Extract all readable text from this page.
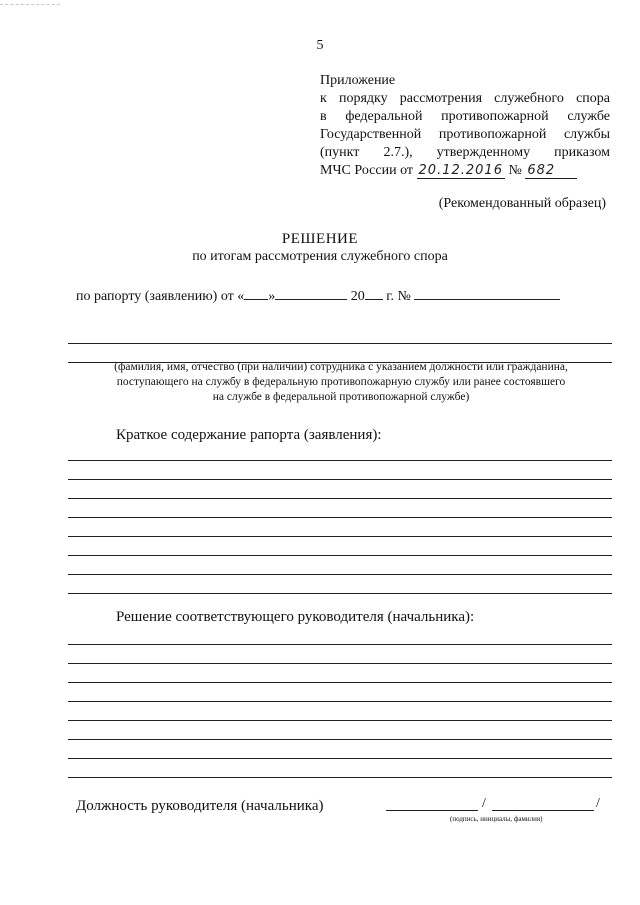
5
Приложение
к порядку рассмотрения служебного спора
в федеральной противопожарной службе
Государственной противопожарной службы
(пункт 2.7.), утвержденному приказом
МЧС России от 20.12.2016 № 682
(Рекомендованный образец)
РЕШЕНИЕ
по итогам рассмотрения служебного спора
по рапорту (заявлению) от « »	20 г. №
(фамилия, имя, отчество (при наличии) сотрудника с указанием должности или гражданина,
поступающего на службу в федеральную противопожарную службу или ранее состоявшего
на службе в федеральной противопожарной службе)
Краткое содержание рапорта (заявления):
Решение соответствующего руководителя (начальника):
Должность руководителя (начальника)	/	/
(подпись, инициалы, фамилия)
